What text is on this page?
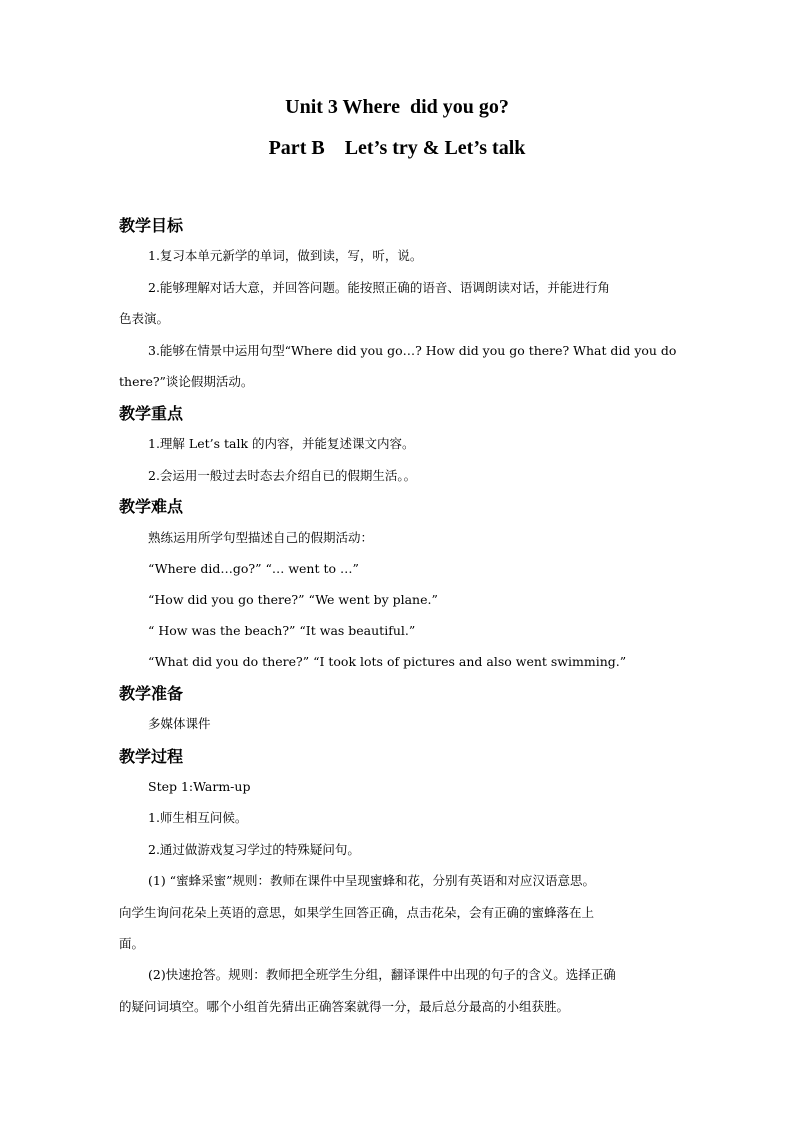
Unit 3 Where  did you go?
Part B    Let’s try & Let’s talk
教学目标
1.复习本单元新学的单词，做到读，写，听，说。
2.能够理解对话大意，并回答问题。能按照正确的语音、语调朗读对话，并能进行角
色表演。
3.能够在情景中运用句型“Where did you go…? How did you go there? What did you do
there?”谈论假期活动。
教学重点
1.理解 Let’s talk 的内容，并能复述课文内容。
2.会运用一般过去时态去介绍自已的假期生活。。
教学难点
熟练运用所学句型描述自己的假期活动：
“Where did…go?” “… went to …”
“How did you go there?” “We went by plane.”
“ How was the beach?” “It was beautiful.”
“What did you do there?” “I took lots of pictures and also went swimming.”
教学准备
多媒体课件
教学过程
Step 1:Warm-up
1.师生相互问候。
2.通过做游戏复习学过的特殊疑问句。
(1) “蜜蜂采蜜”规则：教师在课件中呈现蜜蜂和花，分别有英语和对应汉语意思。
向学生询问花朵上英语的意思，如果学生回答正确，点击花朵，会有正确的蜜蜂落在上
面。
(2)快速抢答。规则：教师把全班学生分组，翻译课件中出现的句子的含义。选择正确
的疑问词填空。哪个小组首先猜出正确答案就得一分，最后总分最高的小组获胜。
